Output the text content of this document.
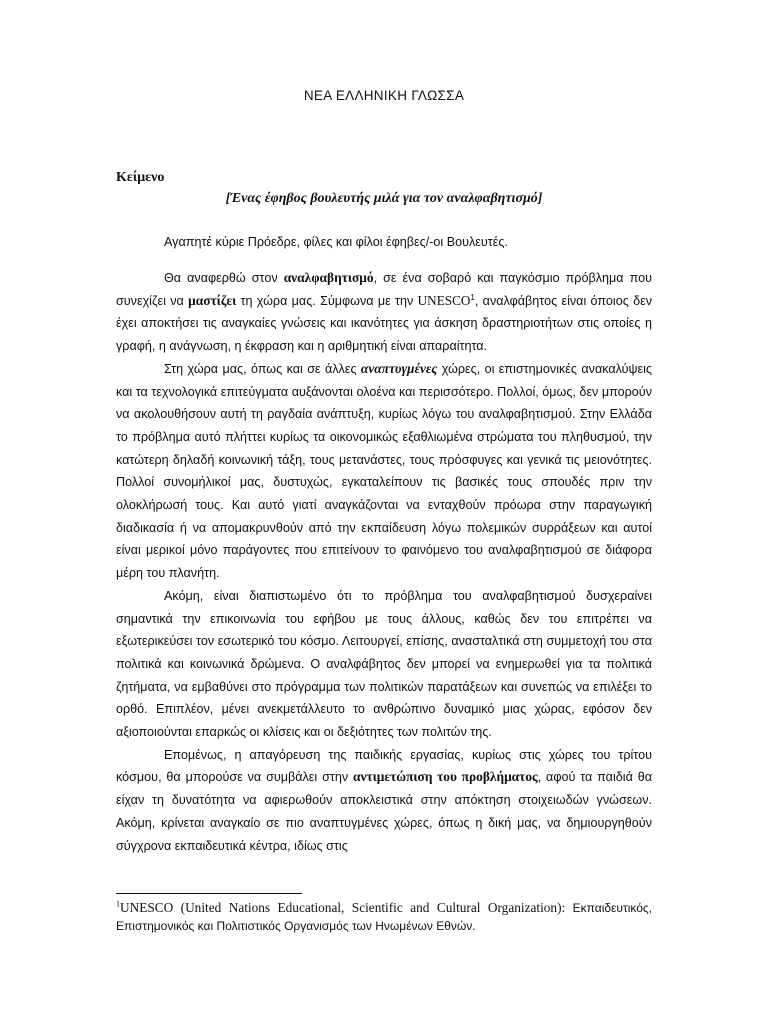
ΝΕΑ ΕΛΛΗΝΙΚΗ ΓΛΩΣΣΑ
Κείμενο
[Ένας έφηβος βουλευτής μιλά για τον αναλφαβητισμό]

Αγαπητέ κύριε Πρόεδρε, φίλες και φίλοι έφηβες/-οι Βουλευτές.

Θα αναφερθώ στον αναλφαβητισμό, σε ένα σοβαρό και παγκόσμιο πρόβλημα που συνεχίζει να μαστίζει τη χώρα μας. Σύμφωνα με την UNESCO$^1$, αναλφάβητος είναι όποιος δεν έχει αποκτήσει τις αναγκαίες γνώσεις και ικανότητες για άσκηση δραστηριοτήτων στις οποίες η γραφή, η ανάγνωση, η έκφραση και η αριθμητική είναι απαραίτητα.

Στη χώρα μας, όπως και σε άλλες αναπτυγμένες χώρες, οι επιστημονικές ανακαλύψεις και τα τεχνολογικά επιτεύγματα αυξάνονται ολοένα και περισσότερο. Πολλοί, όμως, δεν μπορούν να ακολουθήσουν αυτή τη ραγδαία ανάπτυξη, κυρίως λόγω του αναλφαβητισμού. Στην Ελλάδα το πρόβλημα αυτό πλήττει κυρίως τα οικονομικώς εξαθλιωμένα στρώματα του πληθυσμού, την κατώτερη δηλαδή κοινωνική τάξη, τους μετανάστες, τους πρόσφυγες και γενικά τις μειονότητες. Πολλοί συνομήλικοί μας, δυστυχώς, εγκαταλείπουν τις βασικές τους σπουδές πριν την ολοκλήρωσή τους. Και αυτό γιατί αναγκάζονται να ενταχθούν πρόωρα στην παραγωγική διαδικασία ή να απομακρυνθούν από την εκπαίδευση λόγω πολεμικών συρράξεων και αυτοί είναι μερικοί μόνο παράγοντες που επιτείνουν το φαινόμενο του αναλφαβητισμού σε διάφορα μέρη του πλανήτη.

Ακόμη, είναι διαπιστωμένο ότι το πρόβλημα του αναλφαβητισμού δυσχεραίνει σημαντικά την επικοινωνία του εφήβου με τους άλλους, καθώς δεν του επιτρέπει να εξωτερικεύσει τον εσωτερικό του κόσμο. Λειτουργεί, επίσης, ανασταλτικά στη συμμετοχή του στα πολιτικά και κοινωνικά δρώμενα. Ο αναλφάβητος δεν μπορεί να ενημερωθεί για τα πολιτικά ζητήματα, να εμβαθύνει στο πρόγραμμα των πολιτικών παρατάξεων και συνεπώς να επιλέξει το ορθό. Επιπλέον, μένει ανεκμετάλλευτο το ανθρώπινο δυναμικό μιας χώρας, εφόσον δεν αξιοποιούνται επαρκώς οι κλίσεις και οι δεξιότητες των πολιτών της.

Επομένως, η απαγόρευση της παιδικής εργασίας, κυρίως στις χώρες του τρίτου κόσμου, θα μπορούσε να συμβάλει στην αντιμετώπιση του προβλήματος, αφού τα παιδιά θα είχαν τη δυνατότητα να αφιερωθούν αποκλειστικά στην απόκτηση στοιχειωδών γνώσεων. Ακόμη, κρίνεται αναγκαίο σε πιο αναπτυγμένες χώρες, όπως η δική μας, να δημιουργηθούν σύγχρονα εκπαιδευτικά κέντρα, ιδίως στις

$^1$UNESCO (United Nations Educational, Scientific and Cultural Organization): Εκπαιδευτικός, Επιστημονικός και Πολιτιστικός Οργανισμός των Ηνωμένων Εθνών.
